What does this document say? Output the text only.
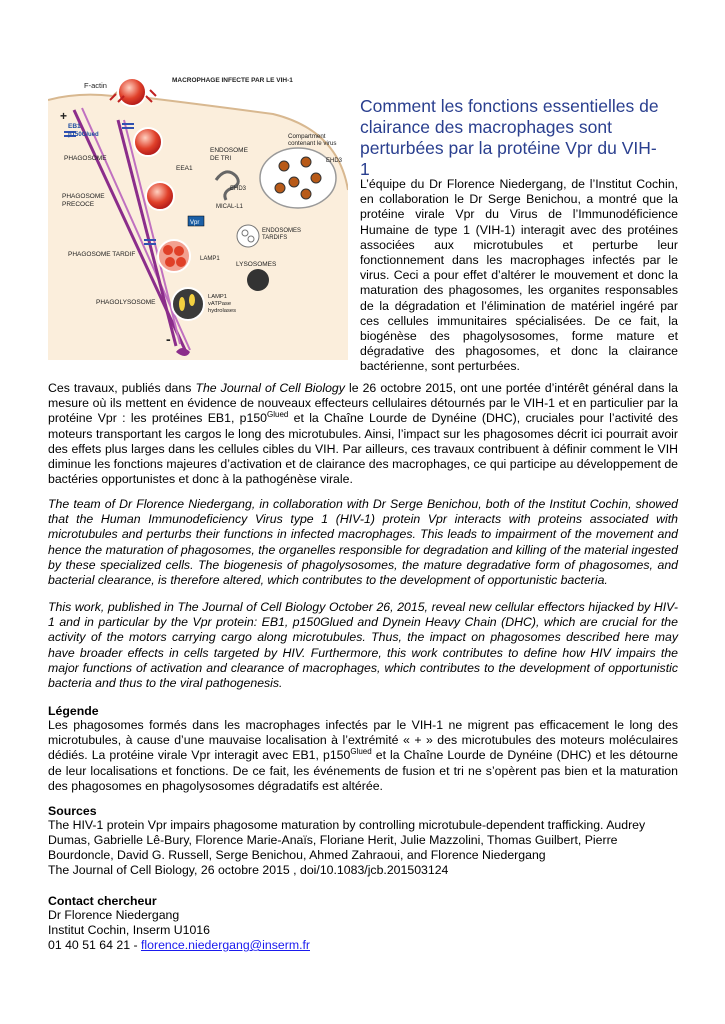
F-actin
MACROPHAGE INFECTE PAR LE VIH-1
EB1
p150Glued
PHAGOSOME
EEA1
ENDOSOME DE TRI
Compartment contenant le virus
EHD3
EHD3
PHAGOSOME PRECOCE	MICAL-L1
Vpr
ENDOSOMES TARDIFS
PHAGOSOME TARDIF
LAMP1
LYSOSOMES
PHAGOLYSOSOME
LAMP1 vATPase hydrolases
+
-
Comment les fonctions essentielles de clairance des macrophages sont perturbées par la protéine Vpr du VIH-1

L’équipe du Dr Florence Niedergang, de l’Institut Cochin, en collaboration le Dr Serge Benichou, a montré que la protéine virale Vpr du Virus de l’Immunodéficience Humaine de type 1 (VIH-1) interagit avec des protéines associées aux microtubules et perturbe leur fonctionnement dans les macrophages infectés par le virus. Ceci a pour effet d’altérer le mouvement et donc la maturation des phagosomes, les organites responsables de la dégradation et l’élimination de matériel ingéré par ces cellules immunitaires spécialisées. De ce fait, la biogénèse des phagolysosomes, forme mature et dégradative des phagosomes, et donc la clairance bactérienne, sont perturbées.

Ces travaux, publiés dans The Journal of Cell Biology le 26 octobre 2015, ont une portée d’intérêt général dans la mesure où ils mettent en évidence de nouveaux effecteurs cellulaires détournés par le VIH-1 et en particulier par la protéine Vpr : les protéines EB1, $p150^{Glued}$ et la Chaîne Lourde de Dynéine (DHC), cruciales pour l’activité des moteurs transportant les cargos le long des microtubules. Ainsi, l’impact sur les phagosomes décrit ici pourrait avoir des effets plus larges dans les cellules cibles du VIH. Par ailleurs, ces travaux contribuent à définir comment le VIH diminue les fonctions majeures d’activation et de clairance des macrophages, ce qui participe au développement de bactéries opportunistes et donc à la pathogénèse virale.

The team of Dr Florence Niedergang, in collaboration with Dr Serge Benichou, both of the Institut Cochin, showed that the Human Immunodeficiency Virus type 1 (HIV-1) protein Vpr interacts with proteins associated with microtubules and perturbs their functions in infected macrophages. This leads to impairment of the movement and hence the maturation of phagosomes, the organelles responsible for degradation and killing of the material ingested by these specialized cells. The biogenesis of phagolysosomes, the mature degradative form of phagosomes, and bacterial clearance, is therefore altered, which contributes to the development of opportunistic bacteria.

This work, published in The Journal of Cell Biology October 26, 2015, reveal new cellular effectors hijacked by HIV-1 and in particular by the Vpr protein: EB1, p150Glued and Dynein Heavy Chain (DHC), which are crucial for the activity of the motors carrying cargo along microtubules. Thus, the impact on phagosomes described here may have broader effects in cells targeted by HIV. Furthermore, this work contributes to define how HIV impairs the major functions of activation and clearance of macrophages, which contributes to the development of opportunistic bacteria and thus to the viral pathogenesis.

Légende

Les phagosomes formés dans les macrophages infectés par le VIH-1 ne migrent pas efficacement le long des microtubules, à cause d’une mauvaise localisation à l’extrémité « + » des microtubules des moteurs moléculaires dédiés. La protéine virale Vpr interagit avec EB1, $p150^{Glued}$ et la Chaîne Lourde de Dynéine (DHC) et les détourne de leur localisations et fonctions. De ce fait, les événements de fusion et tri ne s’opèrent pas bien et la maturation des phagosomes en phagolysosomes dégradatifs est altérée.

Sources

The HIV-1 protein Vpr impairs phagosome maturation by controlling microtubule-dependent trafficking. Audrey

Dumas, Gabrielle Lê-Bury, Florence Marie-Anaïs, Floriane Herit, Julie Mazzolini, Thomas Guilbert, Pierre

Bourdoncle, David G. Russell, Serge Benichou, Ahmed Zahraoui, and Florence Niedergang

The Journal of Cell Biology, 26 octobre 2015 , doi/10.1083/jcb.201503124

Contact chercheur

Dr Florence Niedergang

Institut Cochin, Inserm U1016

01 40 51 64 21 - florence.niedergang@inserm.fr
